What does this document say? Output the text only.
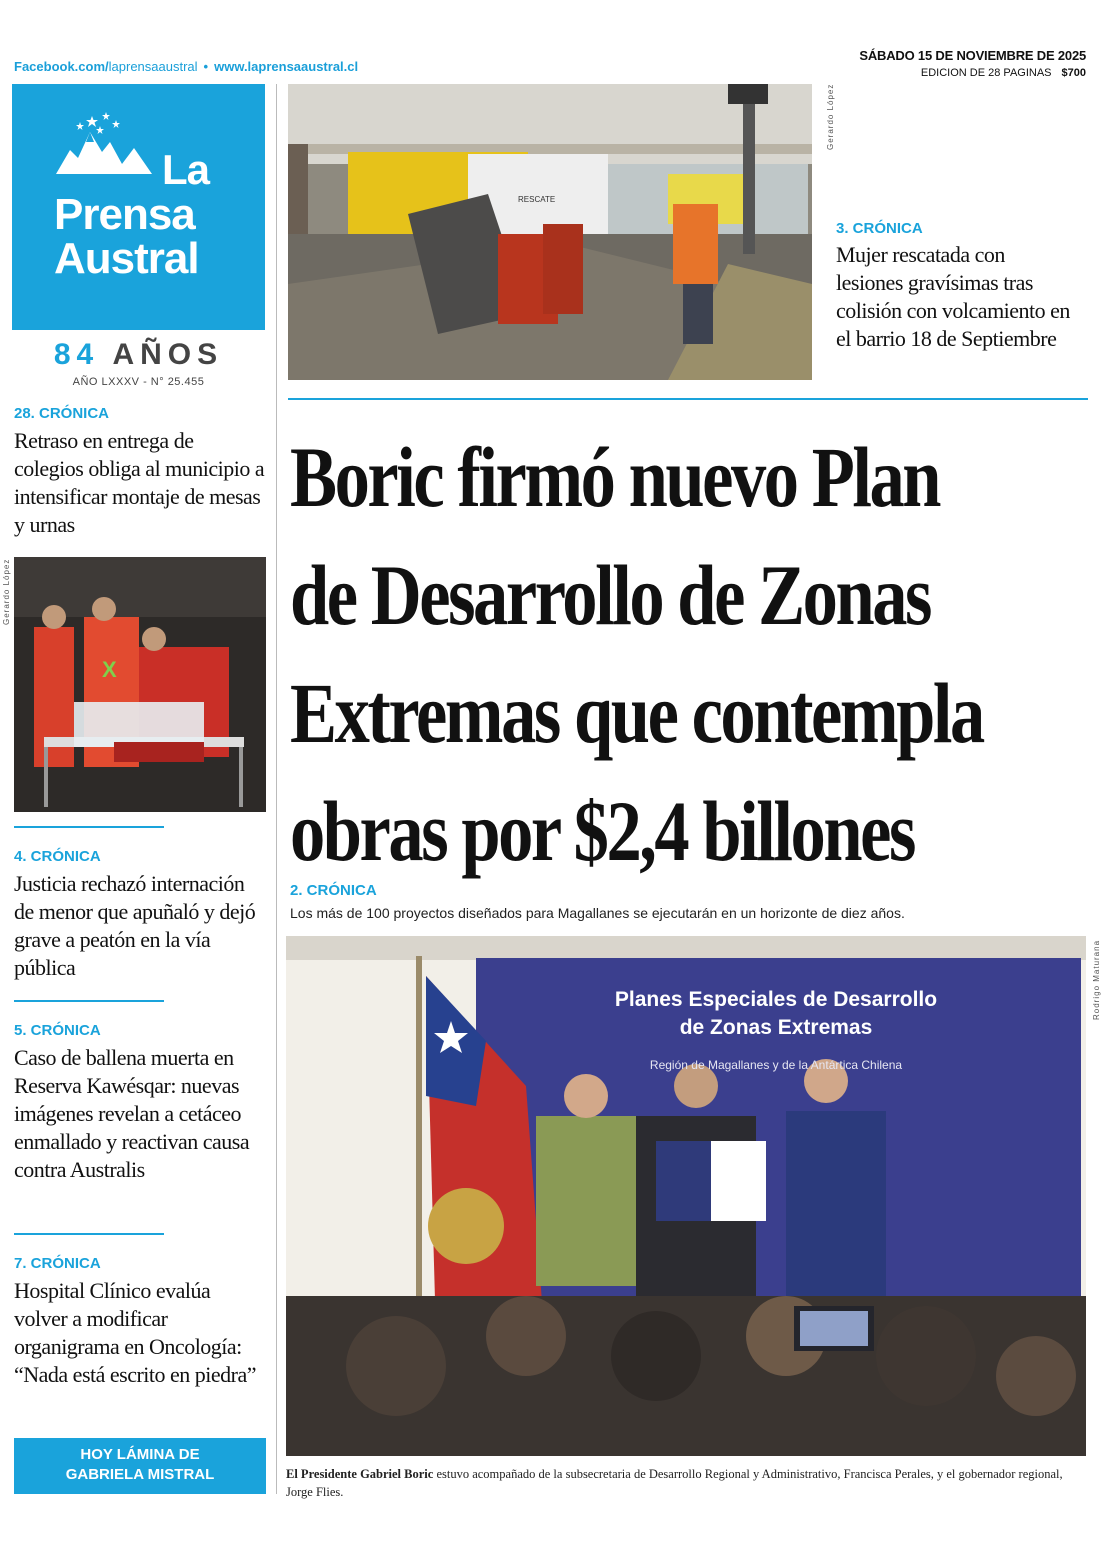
Facebook.com/laprensaaustral • www.laprensaaustral.cl
SÁBADO 15 DE NOVIEMBRE DE 2025
EDICION DE 28 PAGINAS $700
La
Prensa
Austral
84 AÑOS
AÑO LXXXV - N° 25.455
RESCATE
Gerardo López
3. CRÓNICA
Mujer rescatada con lesiones gravísimas tras colisión con volcamiento en el barrio 18 de Septiembre
28. CRÓNICA
Retraso en entrega de colegios obliga al municipio a intensificar montaje de mesas y urnas
X
Gerardo López
4. CRÓNICA
Justicia rechazó internación de menor que apuñaló y dejó grave a peatón en la vía pública
5. CRÓNICA
Caso de ballena muerta en Reserva Kawésqar: nuevas imágenes revelan a cetáceo enmallado y reactivan causa contra Australis
7. CRÓNICA
Hospital Clínico evalúa volver a modificar organigrama en Oncología: “Nada está escrito en piedra”
HOY LÁMINA DE
GABRIELA MISTRAL
Boric firmó nuevo Plan
de Desarrollo de Zonas
Extremas que contempla
obras por $2,4 billones
2. CRÓNICA
Los más de 100 proyectos diseñados para Magallanes se ejecutarán en un horizonte de diez años.
Planes Especiales de Desarrollo
de Zonas Extremas
Región de Magallanes y de la Antártica Chilena
Rodrigo Maturana
El Presidente Gabriel Boric estuvo acompañado de la subsecretaria de Desarrollo Regional y Administrativo, Francisca Perales, y el gobernador regional, Jorge Flies.
